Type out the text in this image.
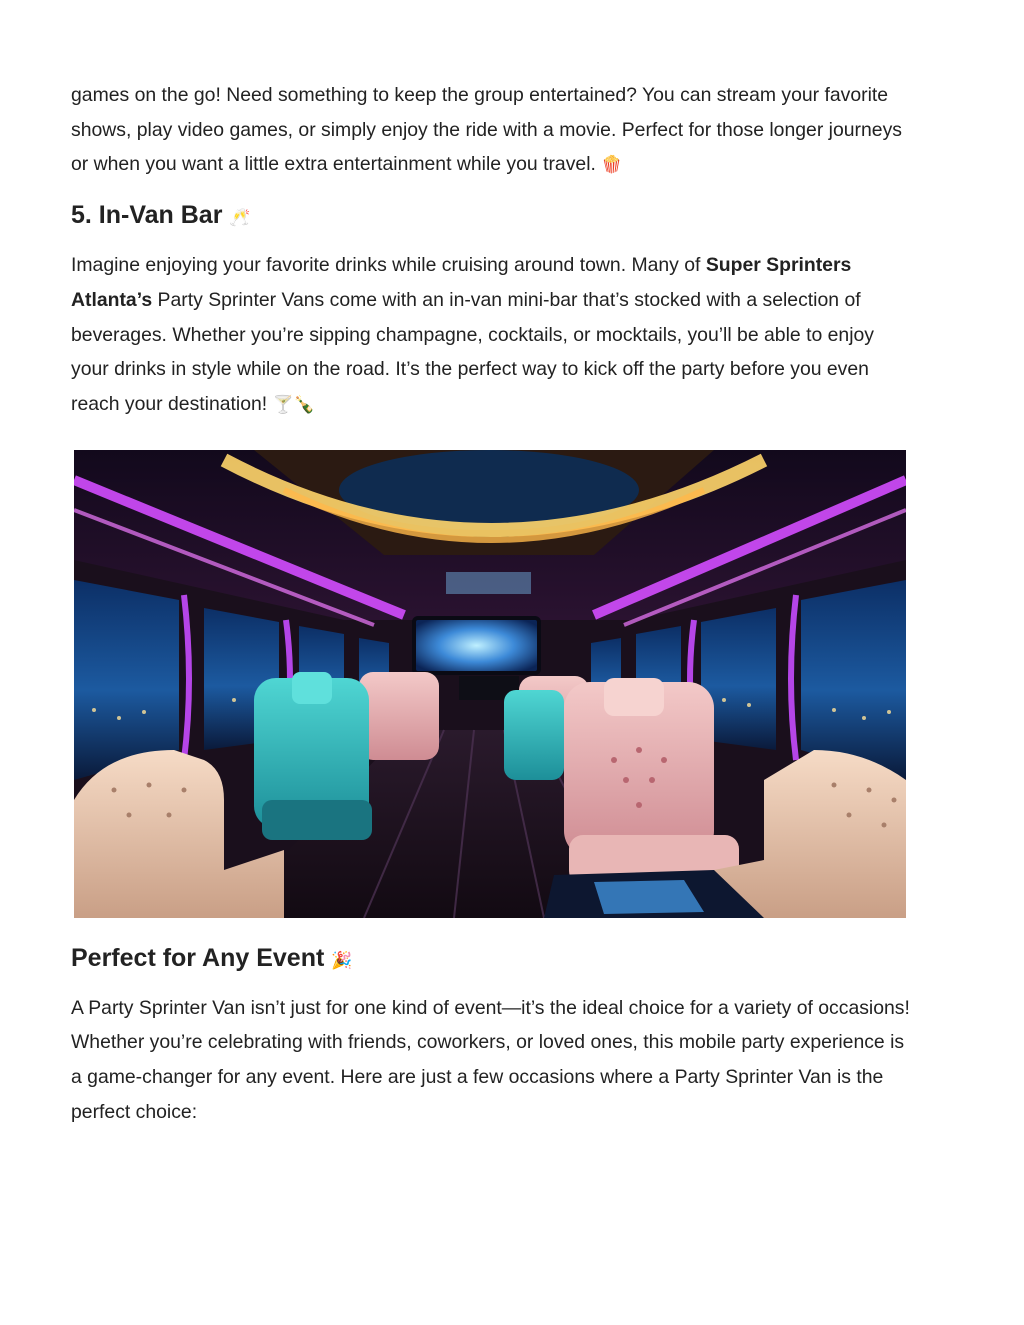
games on the go! Need something to keep the group entertained? You can stream your favorite shows, play video games, or simply enjoy the ride with a movie. Perfect for those longer journeys or when you want a little extra entertainment while you travel. 🍿

5. In-Van Bar 🥂

Imagine enjoying your favorite drinks while cruising around town. Many of Super Sprinters Atlanta’s Party Sprinter Vans come with an in-van mini-bar that’s stocked with a selection of beverages. Whether you’re sipping champagne, cocktails, or mocktails, you’ll be able to enjoy your drinks in style while on the road. It’s the perfect way to kick off the party before you even reach your destination! 🍸🍾

Perfect for Any Event 🎉

A Party Sprinter Van isn’t just for one kind of event—it’s the ideal choice for a variety of occasions! Whether you’re celebrating with friends, coworkers, or loved ones, this mobile party experience is a game-changer for any event. Here are just a few occasions where a Party Sprinter Van is the perfect choice:
